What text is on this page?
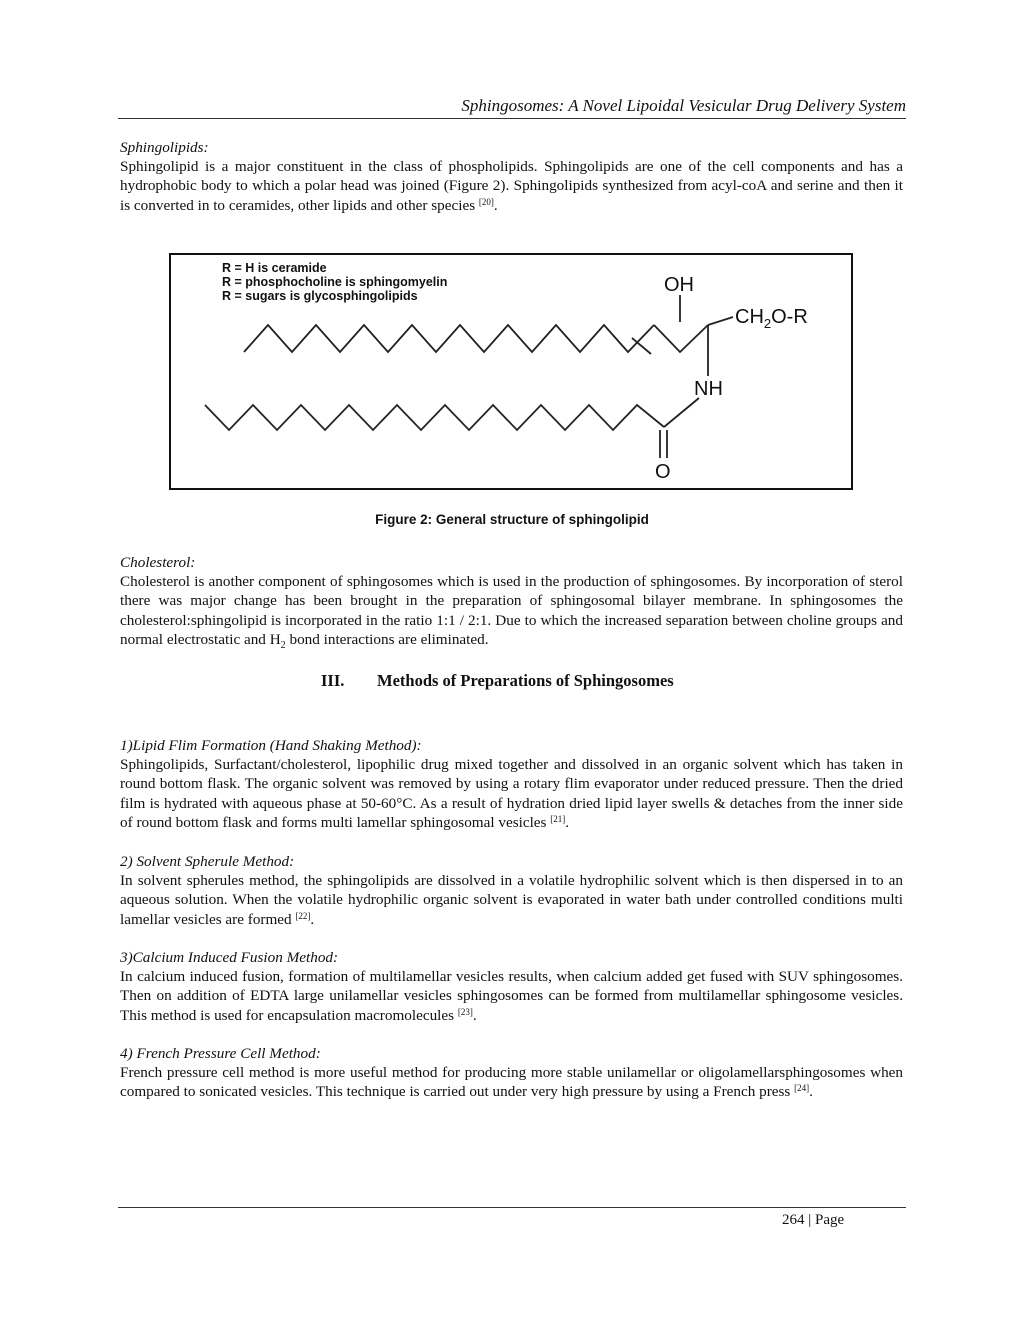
Sphingosomes: A Novel Lipoidal Vesicular Drug Delivery System
Sphingolipids:
Sphingolipid is a major constituent in the class of phospholipids. Sphingolipids are one of the cell components and has a hydrophobic body to which a polar head was joined (Figure 2). Sphingolipids synthesized from acyl-coA and serine and then it is converted in to ceramides, other lipids and other species [20].
R = H is ceramide
R = phosphocholine is sphingomyelin
R = sugars is glycosphingolipids	OH
$CH_2O-R$
NH
O
Figure 2: General structure of sphingolipid
Cholesterol:
Cholesterol is another component of sphingosomes which is used in the production of sphingosomes. By incorporation of sterol there was major change has been brought in the preparation of sphingosomal bilayer membrane. In sphingosomes the cholesterol:sphingolipid is incorporated in the ratio 1:1 / 2:1. Due to which the increased separation between choline groups and normal electrostatic and $H_2$ bond interactions are eliminated.
III. Methods of Preparations of Sphingosomes
1)Lipid Flim Formation (Hand Shaking Method):
Sphingolipids, Surfactant/cholesterol, lipophilic drug mixed together and dissolved in an organic solvent which has taken in round bottom flask. The organic solvent was removed by using a rotary flim evaporator under reduced pressure. Then the dried film is hydrated with aqueous phase at 50-60°C. As a result of hydration dried lipid layer swells & detaches from the inner side of round bottom flask and forms multi lamellar sphingosomal vesicles [21].
2) Solvent Spherule Method:
In solvent spherules method, the sphingolipids are dissolved in a volatile hydrophilic solvent which is then dispersed in to an aqueous solution. When the volatile hydrophilic organic solvent is evaporated in water bath under controlled conditions multi lamellar vesicles are formed [22].
3)Calcium Induced Fusion Method:
In calcium induced fusion, formation of multilamellar vesicles results, when calcium added get fused with SUV sphingosomes. Then on addition of EDTA large unilamellar vesicles sphingosomes can be formed from multilamellar sphingosome vesicles. This method is used for encapsulation macromolecules [23].
4) French Pressure Cell Method:
French pressure cell method is more useful method for producing more stable unilamellar or oligolamellarsphingosomes when compared to sonicated vesicles. This technique is carried out under very high pressure by using a French press [24].
264 | Page
